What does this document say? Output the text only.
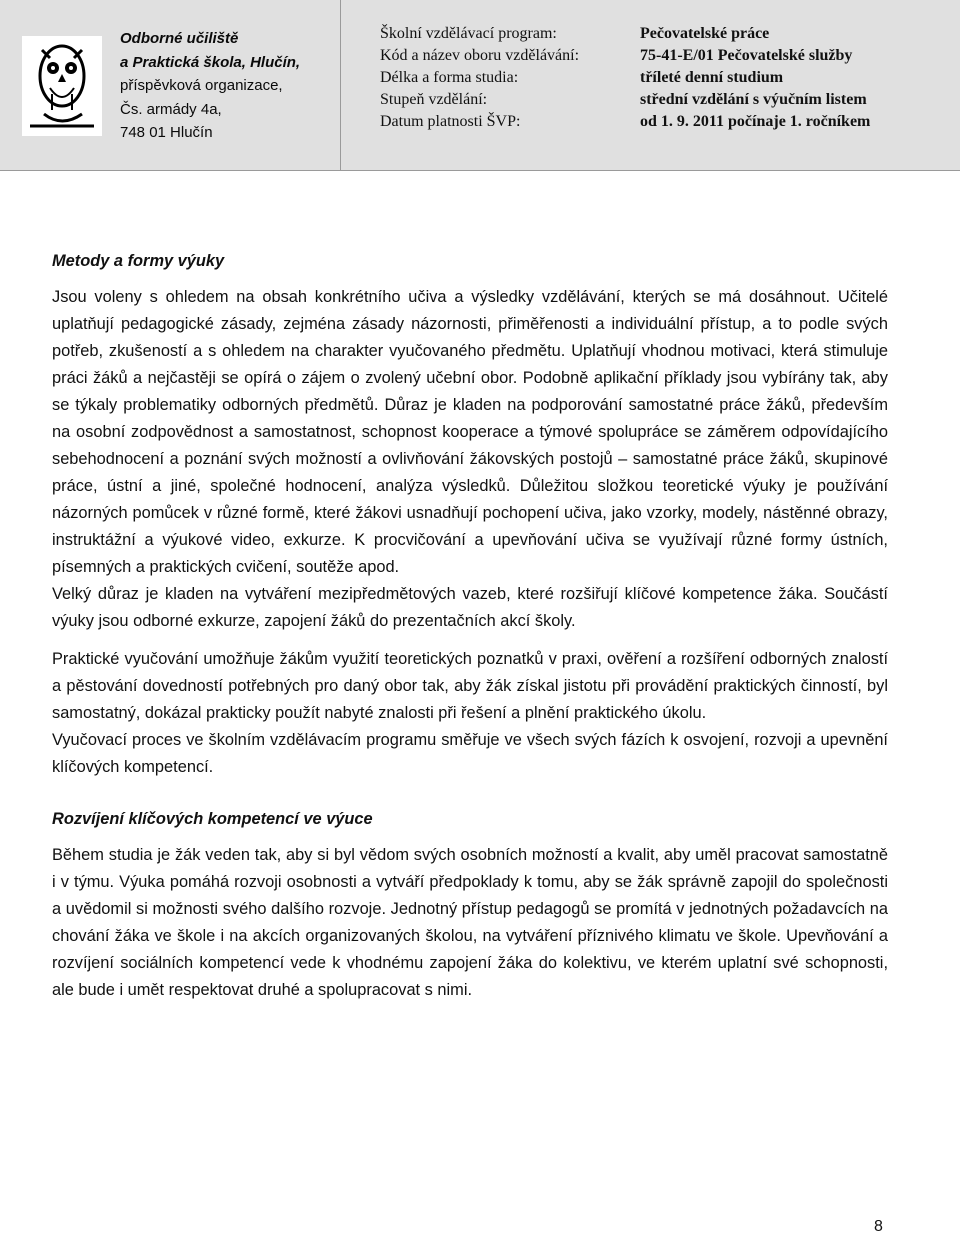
Odborné učiliště
a Praktická škola, Hlučín,
příspěvková organizace,
Čs. armády 4a,
748 01 Hlučín
Školní vzdělávací program:	Pečovatelské práce
Kód a název oboru vzdělávání:	75-41-E/01 Pečovatelské služby
Délka a forma studia:	tříleté denní studium
Stupeň vzdělání:	střední vzdělání s výučním listem
Datum platnosti ŠVP:	od 1. 9. 2011 počínaje 1. ročníkem

Metody a formy výuky

Jsou voleny s ohledem na obsah konkrétního učiva a výsledky vzdělávání, kterých se má dosáhnout. Učitelé uplatňují pedagogické zásady, zejména zásady názornosti, přiměřenosti a individuální přístup, a to podle svých potřeb, zkušeností a s ohledem na charakter vyučovaného předmětu. Uplatňují vhodnou motivaci, která stimuluje práci žáků a nejčastěji se opírá o zájem o zvolený učební obor. Podobně aplikační příklady jsou vybírány tak, aby se týkaly problematiky odborných předmětů. Důraz je kladen na podporování samostatné práce žáků, především na osobní zodpovědnost a samostatnost, schopnost kooperace a týmové spolupráce se záměrem odpovídajícího sebehodnocení a poznání svých možností a ovlivňování žákovských postojů – samostatné práce žáků, skupinové práce, ústní a jiné, společné hodnocení, analýza výsledků. Důležitou složkou teoretické výuky je používání názorných pomůcek v různé formě, které žákovi usnadňují pochopení učiva, jako vzorky, modely, nástěnné obrazy, instruktážní a výukové video, exkurze. K procvičování a upevňování učiva se využívají různé formy ústních, písemných a praktických cvičení, soutěže apod.

Velký důraz je kladen na vytváření mezipředmětových vazeb, které rozšiřují klíčové kompetence žáka. Součástí výuky jsou odborné exkurze, zapojení žáků do prezentačních akcí školy.

Praktické vyučování umožňuje žákům využití teoretických poznatků v praxi, ověření a rozšíření odborných znalostí a pěstování dovedností potřebných pro daný obor tak, aby žák získal jistotu při provádění praktických činností, byl samostatný, dokázal prakticky použít nabyté znalosti při řešení a plnění praktického úkolu.

Vyučovací proces ve školním vzdělávacím programu směřuje ve všech svých fázích k osvojení, rozvoji a upevnění klíčových kompetencí.

Rozvíjení klíčových kompetencí ve výuce

Během studia je žák veden tak, aby si byl vědom svých osobních možností a kvalit, aby uměl pracovat samostatně i v týmu. Výuka pomáhá rozvoji osobnosti a vytváří předpoklady k tomu, aby se žák správně zapojil do společnosti a uvědomil si možnosti svého dalšího rozvoje. Jednotný přístup pedagogů se promítá v jednotných požadavcích na chování žáka ve škole i na akcích organizovaných školou, na vytváření příznivého klimatu ve škole. Upevňování a rozvíjení sociálních kompetencí vede k vhodnému zapojení žáka do kolektivu, ve kterém uplatní své schopnosti, ale bude i umět respektovat druhé a spolupracovat s nimi.

8
